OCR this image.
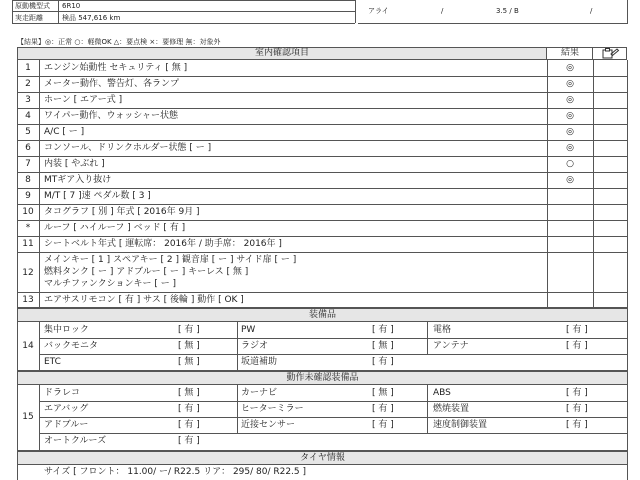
原動機型式 6R10
実走距離	検品 547,616 km
アライ	/	3.5 / B	/
【結果】◎：正常 ○：軽微OK △：要点検 ×：要修理 無：対象外
室内確認項目	結果
1	エンジン始動性 セキュリティ [ 無 ]	◎
2	メーター動作、警告灯、各ランプ	◎
3	ホーン [ エアー式 ]	◎
4	ワイパー動作、ウォッシャー状態	◎
5	A/C [ ー ]	◎
6	コンソール、ドリンクホルダー状態 [ ー ]	◎
7	内装 [ やぶれ ]	○
8	MTギア入り抜け	◎
9	M/T [ 7 ]速 ペダル数 [ 3 ]
10	タコグラフ [ 別 ] 年式 [ 2016年 9月 ]
*	ルーフ [ ハイルーフ ] ベッド [ 有 ]
11	シートベルト年式 [ 運転席： 2016年 / 助手席： 2016年 ]
12
メインキー [ 1 ] スペアキー [ 2 ] 観音扉 [ ー ] サイド扉 [ ー ]
燃料タンク [ ー ] アドブルー [ ー ] キーレス [ 無 ]
マルチファンクションキー [ ー ]
13	エアサスリモコン [ 有 ] サス [ 後輪 ] 動作 [ OK ]
装備品
14
集中ロック	[ 有 ]	PW	[ 有 ]	電格	[ 有 ]
バックモニタ	[ 無 ]	ラジオ	[ 無 ]	アンテナ	[ 有 ]
ETC	[ 無 ]	坂道補助	[ 有 ]
動作未確認装備品
15
ドラレコ	[ 無 ]	カーナビ	[ 無 ]	ABS	[ 有 ]
エアバッグ	[ 有 ]	ヒーターミラー	[ 有 ]	燃焼装置	[ 有 ]
アドブルー	[ 有 ]	近接センサー	[ 有 ]	速度制御装置	[ 有 ]
オートクルーズ	[ 有 ]
タイヤ情報
サイズ [ フロント： 11.00/ ー/ R22.5 リア： 295/ 80/ R22.5 ]
